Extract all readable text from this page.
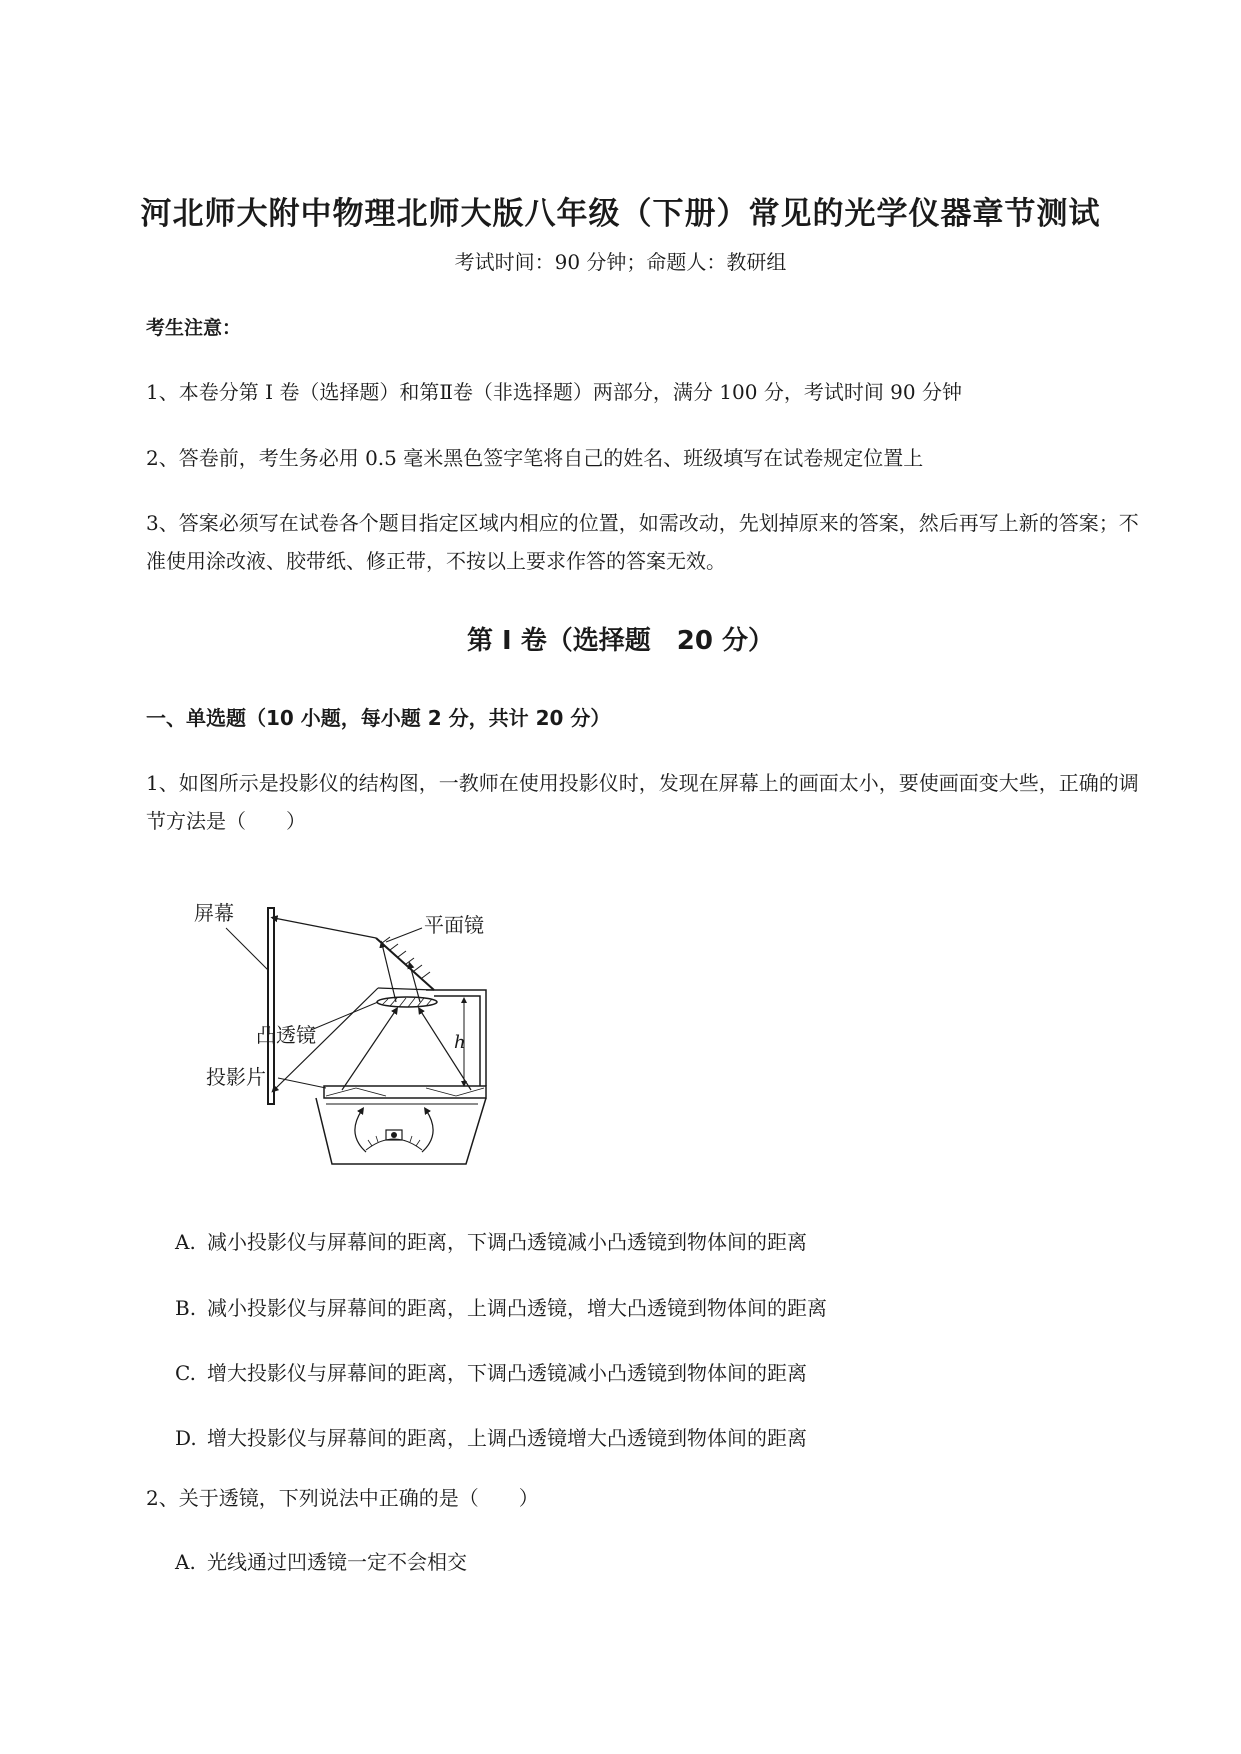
河北师大附中物理北师大版八年级（下册）常见的光学仪器章节测试
考试时间：90 分钟；命题人：教研组
考生注意：
1、本卷分第 I 卷（选择题）和第Ⅱ卷（非选择题）两部分，满分 100 分，考试时间 90 分钟
2、答卷前，考生务必用 0.5 毫米黑色签字笔将自己的姓名、班级填写在试卷规定位置上
3、答案必须写在试卷各个题目指定区域内相应的位置，如需改动，先划掉原来的答案，然后再写上新的答案；不准使用涂改液、胶带纸、修正带，不按以上要求作答的答案无效。
第 I 卷（选择题　20 分）
一、单选题（10 小题，每小题 2 分，共计 20 分）
1、如图所示是投影仪的结构图，一教师在使用投影仪时，发现在屏幕上的画面太小，要使画面变大些，正确的调节方法是（　　）
屏幕	平面镜
凸透镜	h
投影片
A. 减小投影仪与屏幕间的距离，下调凸透镜减小凸透镜到物体间的距离
B. 减小投影仪与屏幕间的距离，上调凸透镜，增大凸透镜到物体间的距离
C. 增大投影仪与屏幕间的距离，下调凸透镜减小凸透镜到物体间的距离
D. 增大投影仪与屏幕间的距离，上调凸透镜增大凸透镜到物体间的距离
2、关于透镜，下列说法中正确的是（　　）
A. 光线通过凹透镜一定不会相交
